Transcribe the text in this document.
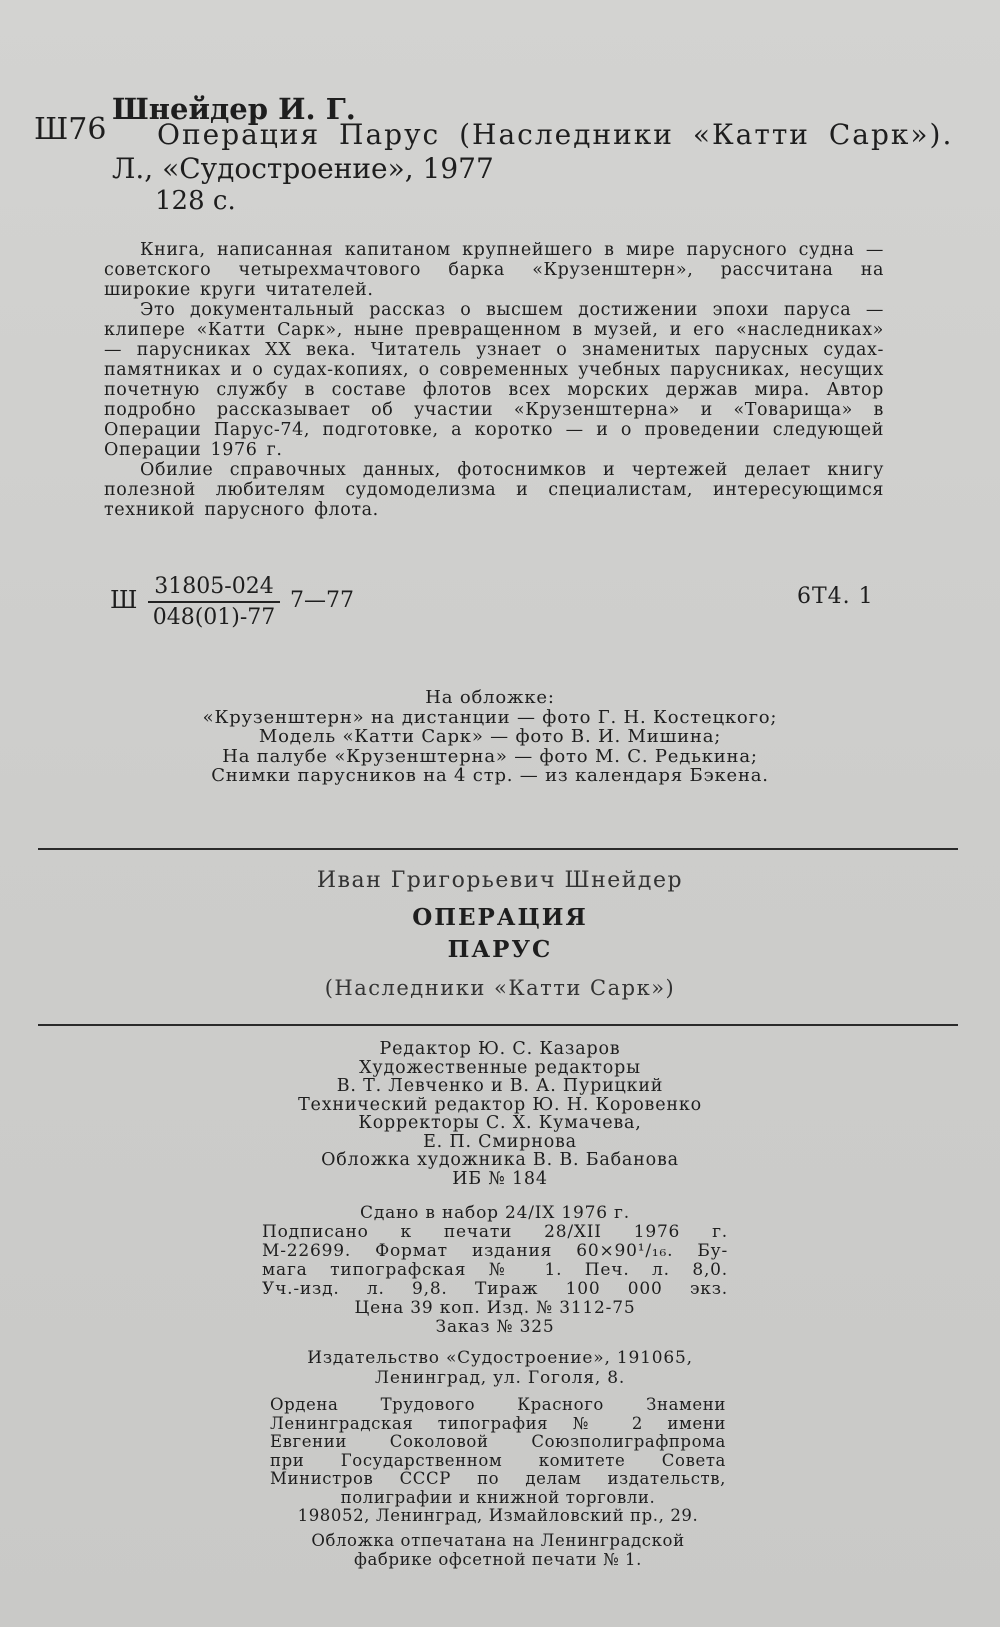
Ш76
Шнейдер И. Г.
Операция Парус (Наследники «Катти Сарк»).
Л., «Судостроение», 1977
128 с.

Книга, написанная капитаном крупнейшего в мире парусного судна — советского четырехмачтового барка «Крузенштерн», рассчитана на широкие круги читателей.

Это документальный рассказ о высшем достижении эпохи паруса — клипере «Катти Сарк», ныне превращенном в музей, и его «наследниках» — парусниках XX века. Читатель узнает о знаменитых парусных судах-памятниках и о судах-копиях, о современных учебных парусниках, несущих почетную службу в составе флотов всех морских держав мира. Автор подробно рассказывает об участии «Крузенштерна» и «Товарища» в Операции Парус-74, подготовке, а коротко — и о проведении следующей Операции 1976 г.

Обилие справочных данных, фотоснимков и чертежей делает книгу полезной любителям судомоделизма и специалистам, интересующимся техникой парусного флота.

Ш $\frac{31805-024}{048(01)-77}$ 7—77	6Т4. 1
На обложке:
«Крузенштерн» на дистанции — фото Г. Н. Костецкого;
Модель «Катти Сарк» — фото В. И. Мишина;
На палубе «Крузенштерна» — фото М. С. Редькина;
Снимки парусников на 4 стр. — из календаря Бэкена.
Иван Григорьевич Шнейдер
ОПЕРАЦИЯ
ПАРУС
(Наследники «Катти Сарк»)
Редактор Ю. С. Казаров
Художественные редакторы
В. Т. Левченко и В. А. Пурицкий
Технический редактор Ю. Н. Коровенко
Корректоры С. Х. Кумачева,
Е. П. Смирнова
Обложка художника В. В. Бабанова
ИБ № 184
Сдано в набор 24/IX 1976 г.
Подписано к печати 28/XII 1976 г.
М-22699. Формат издания 60×90¹/₁₆. Бу-
мага типографская № 1. Печ. л. 8,0.
Уч.-изд. л. 9,8. Тираж 100 000 экз.
Цена 39 коп. Изд. № 3112-75
Заказ № 325
Издательство «Судостроение», 191065,
Ленинград, ул. Гоголя, 8.
Ордена Трудового Красного Знамени
Ленинградская типография № 2 имени
Евгении Соколовой Союзполиграфпрома
при Государственном комитете Совета
Министров СССР по делам издательств,
полиграфии и книжной торговли.
198052, Ленинград, Измайловский пр., 29.
Обложка отпечатана на Ленинградской
фабрике офсетной печати № 1.
